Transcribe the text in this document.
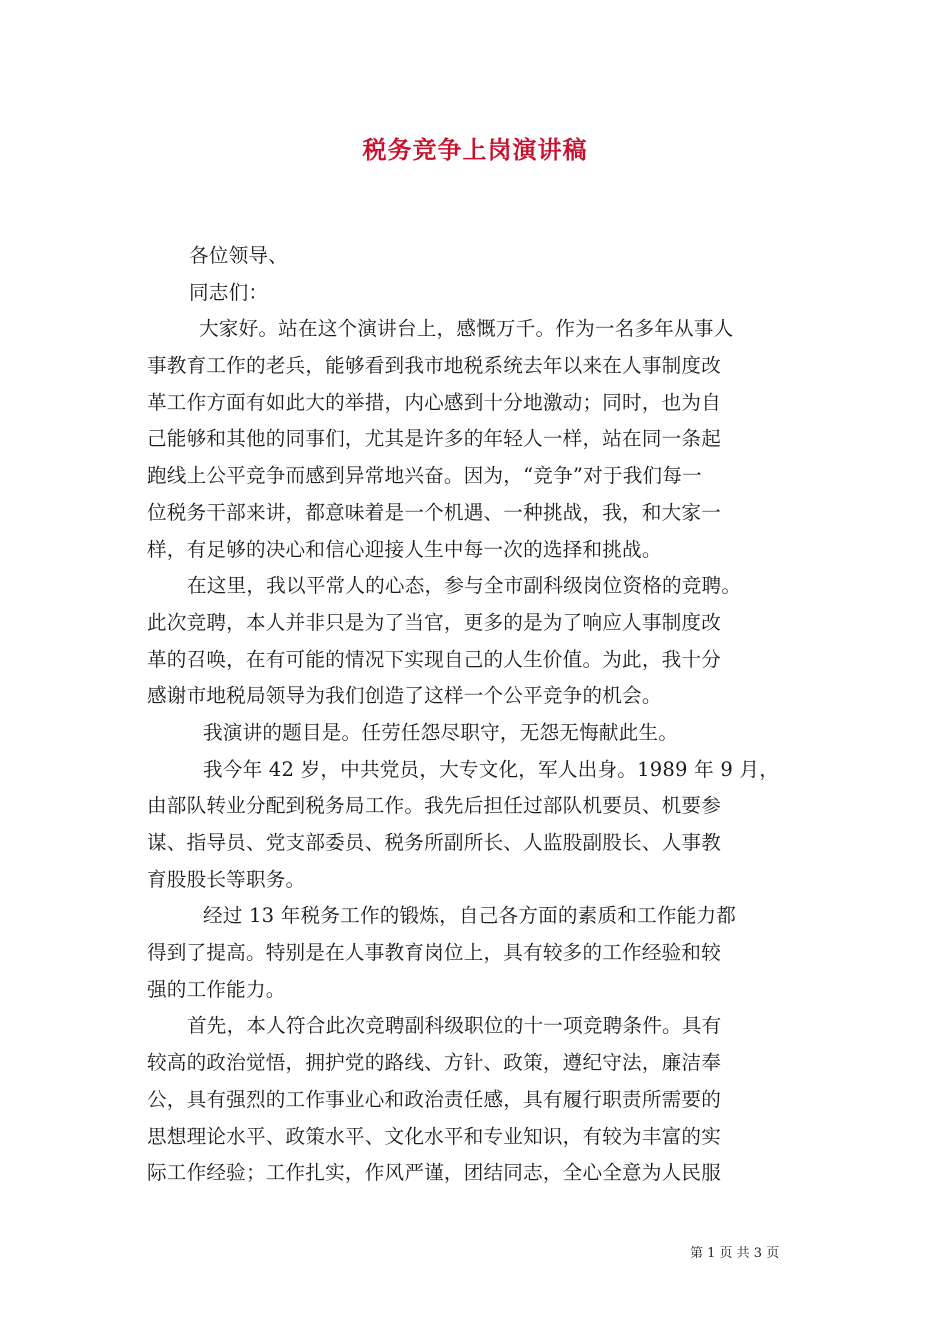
税务竞争上岗演讲稿
各位领导、
同志们：
大家好。站在这个演讲台上，感慨万千。作为一名多年从事人
事教育工作的老兵，能够看到我市地税系统去年以来在人事制度改
革工作方面有如此大的举措，内心感到十分地激动；同时，也为自
己能够和其他的同事们，尤其是许多的年轻人一样，站在同一条起
跑线上公平竞争而感到异常地兴奋。因为，“竞争”对于我们每一
位税务干部来讲，都意味着是一个机遇、一种挑战，我，和大家一
样，有足够的决心和信心迎接人生中每一次的选择和挑战。
在这里，我以平常人的心态，参与全市副科级岗位资格的竞聘。
此次竞聘，本人并非只是为了当官，更多的是为了响应人事制度改
革的召唤，在有可能的情况下实现自己的人生价值。为此，我十分
感谢市地税局领导为我们创造了这样一个公平竞争的机会。
我演讲的题目是。任劳任怨尽职守，无怨无悔献此生。
我今年 42 岁，中共党员，大专文化，军人出身。1989 年 9 月，
由部队转业分配到税务局工作。我先后担任过部队机要员、机要参
谋、指导员、党支部委员、税务所副所长、人监股副股长、人事教
育股股长等职务。
经过 13 年税务工作的锻炼，自己各方面的素质和工作能力都
得到了提高。特别是在人事教育岗位上，具有较多的工作经验和较
强的工作能力。
首先，本人符合此次竞聘副科级职位的十一项竞聘条件。具有
较高的政治觉悟，拥护党的路线、方针、政策，遵纪守法，廉洁奉
公，具有强烈的工作事业心和政治责任感，具有履行职责所需要的
思想理论水平、政策水平、文化水平和专业知识，有较为丰富的实
际工作经验；工作扎实，作风严谨，团结同志，全心全意为人民服
第 1 页 共 3 页
